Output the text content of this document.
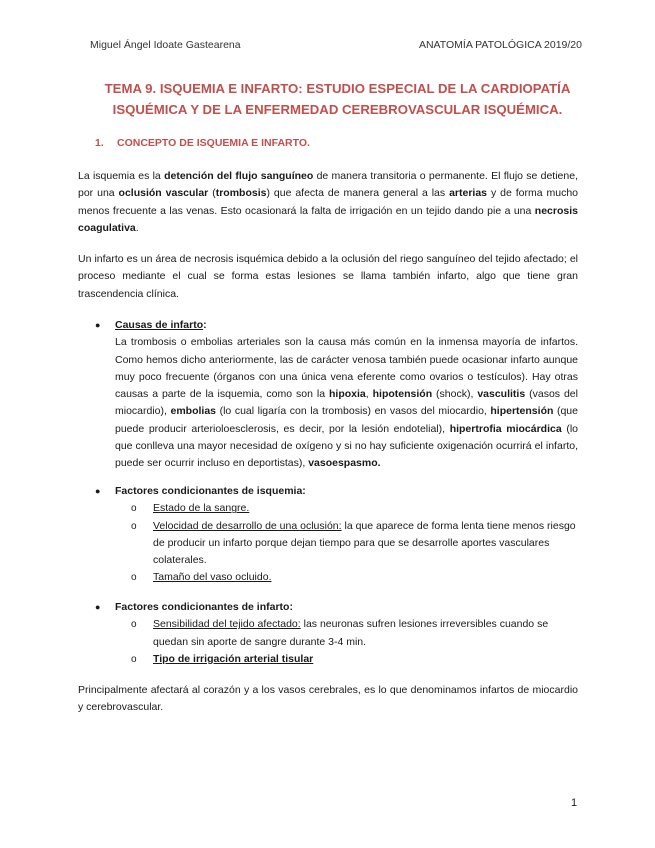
Miguel Ángel Idoate Gastearena	ANATOMÍA PATOLÓGICA 2019/20
TEMA 9. ISQUEMIA E INFARTO: ESTUDIO ESPECIAL DE LA CARDIOPATÍA
ISQUÉMICA Y DE LA ENFERMEDAD CEREBROVASCULAR ISQUÉMICA.
1. CONCEPTO DE ISQUEMIA E INFARTO.

La isquemia es la detención del flujo sanguíneo de manera transitoria o permanente. El flujo se detiene, por una oclusión vascular (trombosis) que afecta de manera general a las arterias y de forma mucho menos frecuente a las venas. Esto ocasionará la falta de irrigación en un tejido dando pie a una necrosis coagulativa.

Un infarto es un área de necrosis isquémica debido a la oclusión del riego sanguíneo del tejido afectado; el proceso mediante el cual se forma estas lesiones se llama también infarto, algo que tiene gran trascendencia clínica.

● Causas de infarto:

La trombosis o embolias arteriales son la causa más común en la inmensa mayoría de infartos. Como hemos dicho anteriormente, las de carácter venosa también puede ocasionar infarto aunque muy poco frecuente (órganos con una única vena eferente como ovarios o testículos). Hay otras causas a parte de la isquemia, como son la hipoxia, hipotensión (shock), vasculitis (vasos del miocardio), embolias (lo cual ligaría con la trombosis) en vasos del miocardio, hipertensión (que puede producir arterioloesclerosis, es decir, por la lesión endotelial), hipertrofia miocárdica (lo que conlleva una mayor necesidad de oxígeno y si no hay suficiente oxigenación ocurrirá el infarto, puede ser ocurrir incluso en deportistas), vasoespasmo.

● Factores condicionantes de isquemia:
o Estado de la sangre.
o Velocidad de desarrollo de una oclusión: la que aparece de forma lenta tiene menos riesgo de producir un infarto porque dejan tiempo para que se desarrolle aportes vasculares colaterales.
o Tamaño del vaso ocluido.
● Factores condicionantes de infarto:
o Sensibilidad del tejido afectado: las neuronas sufren lesiones irreversibles cuando se quedan sin aporte de sangre durante 3-4 min.
o Tipo de irrigación arterial tisular

Principalmente afectará al corazón y a los vasos cerebrales, es lo que denominamos infartos de miocardio y cerebrovascular.

1
